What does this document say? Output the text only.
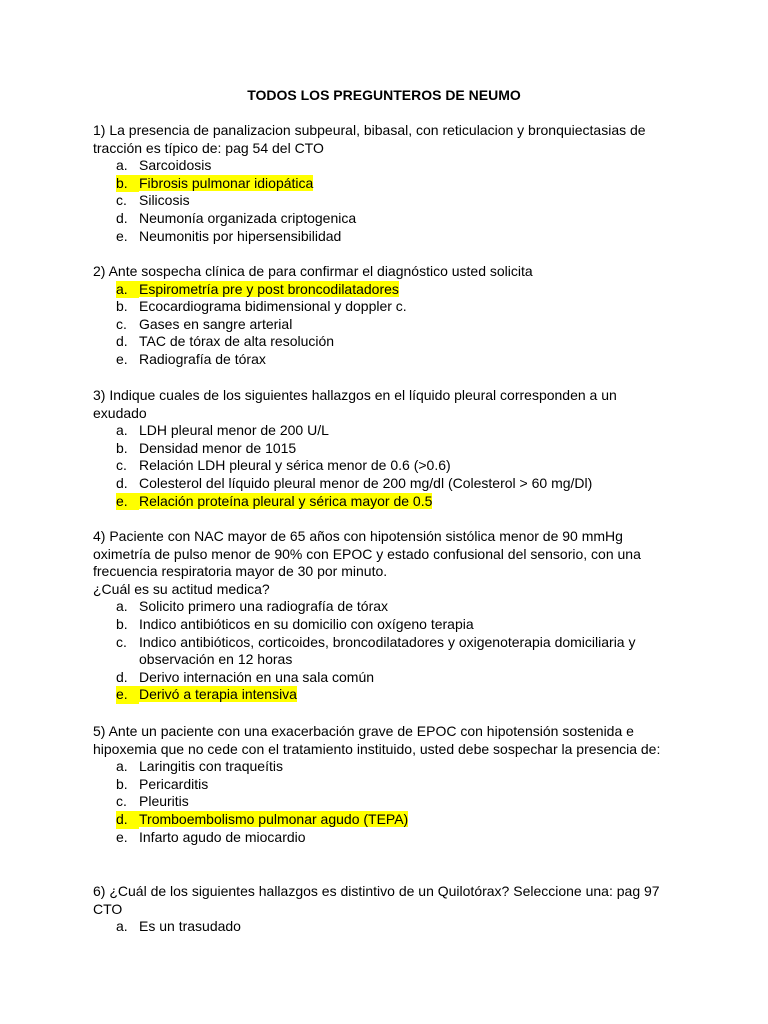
TODOS LOS PREGUNTEROS DE NEUMO
1) La presencia de panalizacion subpeural, bibasal, con reticulacion y bronquiectasias de
tracción es típico de: pag 54 del CTO
a. Sarcoidosis
b. Fibrosis pulmonar idiopática
c. Silicosis
d. Neumonía organizada criptogenica
e. Neumonitis por hipersensibilidad
2) Ante sospecha clínica de para confirmar el diagnóstico usted solicita
a. Espirometría pre y post broncodilatadores
b. Ecocardiograma bidimensional y doppler c.
c. Gases en sangre arterial
d. TAC de tórax de alta resolución
e. Radiografía de tórax
3) Indique cuales de los siguientes hallazgos en el líquido pleural corresponden a un
exudado
a. LDH pleural menor de 200 U/L
b. Densidad menor de 1015
c. Relación LDH pleural y sérica menor de 0.6 (>0.6)
d. Colesterol del líquido pleural menor de 200 mg/dl (Colesterol > 60 mg/Dl)
e. Relación proteína pleural y sérica mayor de 0.5
4) Paciente con NAC mayor de 65 años con hipotensión sistólica menor de 90 mmHg
oximetría de pulso menor de 90% con EPOC y estado confusional del sensorio, con una
frecuencia respiratoria mayor de 30 por minuto.
¿Cuál es su actitud medica?
a. Solicito primero una radiografía de tórax
b. Indico antibióticos en su domicilio con oxígeno terapia
c. Indico antibióticos, corticoides, broncodilatadores y oxigenoterapia domiciliaria y observación en 12 horas
d. Derivo internación en una sala común
e. Derivó a terapia intensiva
5) Ante un paciente con una exacerbación grave de EPOC con hipotensión sostenida e
hipoxemia que no cede con el tratamiento instituido, usted debe sospechar la presencia de:
a. Laringitis con traqueítis
b. Pericarditis
c. Pleuritis
d. Tromboembolismo pulmonar agudo (TEPA)
e. Infarto agudo de miocardio
6) ¿Cuál de los siguientes hallazgos es distintivo de un Quilotórax? Seleccione una: pag 97
CTO
a. Es un trasudado
